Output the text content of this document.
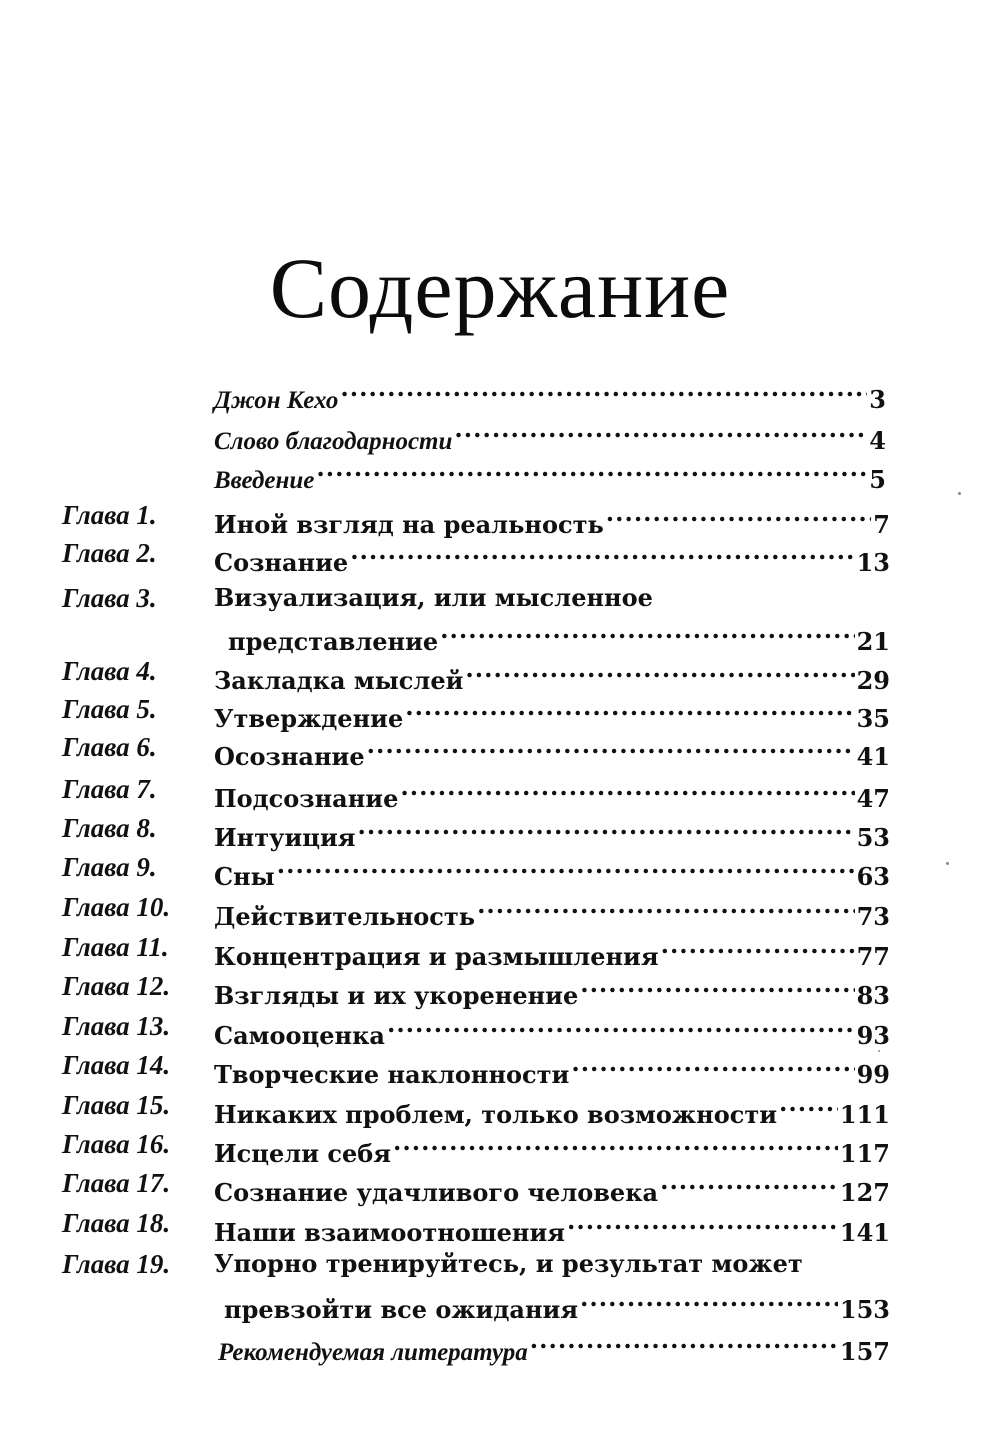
Содержание
Джон Кехо .....	3
Слово благодарности .....	4
Введение .....	5
Глава 1.	Иной взгляд на реальность .....	7
Глава 2.	Сознание .....	13
Глава 3.	Визуализация, или мысленное
представление .....	21
Глава 4.	Закладка мыслей .....	29
Глава 5.	Утверждение .....	35
Глава 6.	Осознание .....	41
Глава 7.	Подсознание .....	47
Глава 8.	Интуиция .....	53
Глава 9.	Сны .....	63
Глава 10.	Действительность .....	73
Глава 11.	Концентрация и размышления .....	77
Глава 12.	Взгляды и их укоренение .....	83
Глава 13.	Самооценка .....	93
Глава 14.	Творческие наклонности .....	99
Глава 15.	Никаких проблем, только возможности .....	111
Глава 16.	Исцели себя .....	117
Глава 17.	Сознание удачливого человека .....	127
Глава 18.	Наши взаимоотношения .....	141
Глава 19.	Упорно тренируйтесь, и результат может
превзойти все ожидания .....	153
Рекомендуемая литература .....	157
